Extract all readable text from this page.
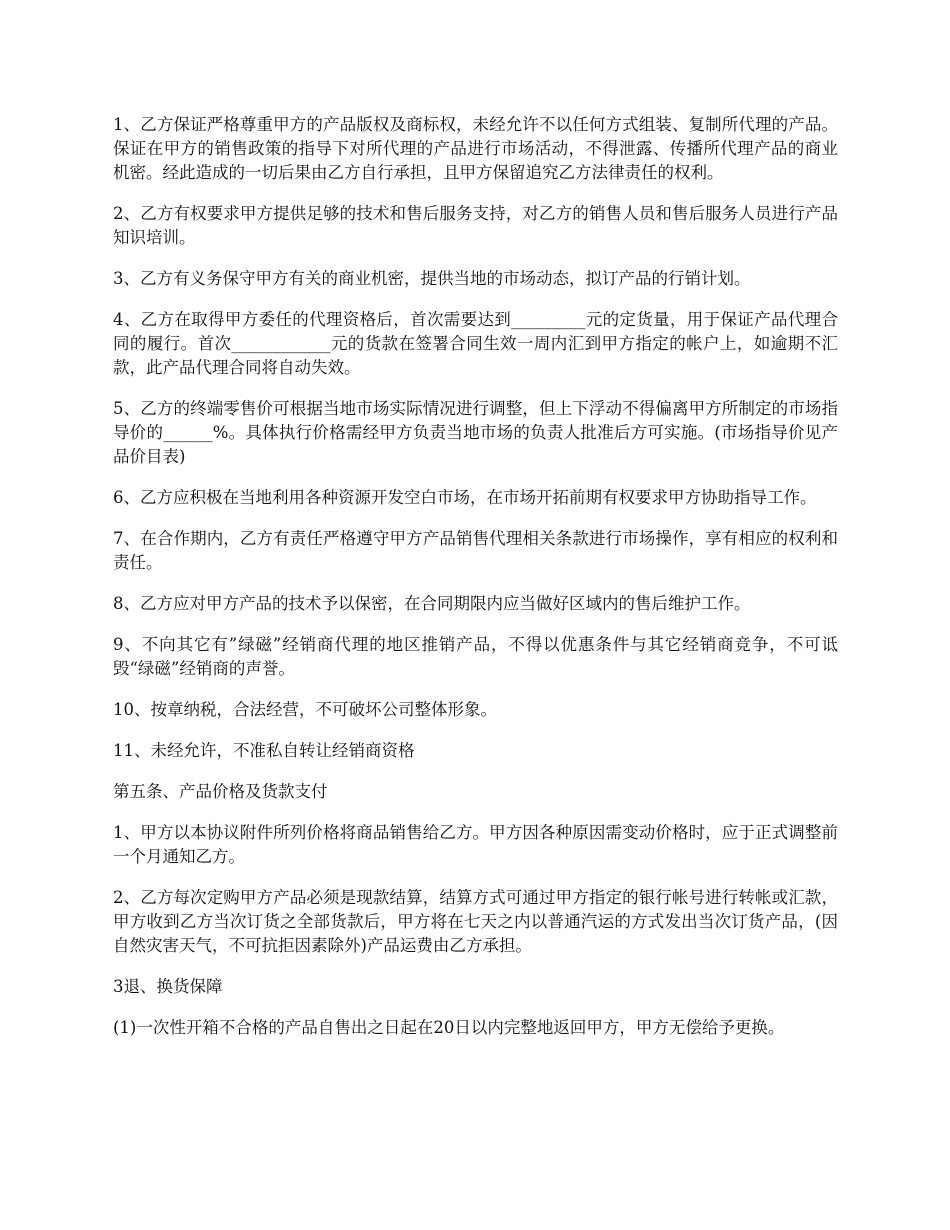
1、乙方保证严格尊重甲方的产品版权及商标权，未经允许不以任何方式组装、复制所代理的产品。保证在甲方的销售政策的指导下对所代理的产品进行市场活动，不得泄露、传播所代理产品的商业机密。经此造成的一切后果由乙方自行承担，且甲方保留追究乙方法律责任的权利。

2、乙方有权要求甲方提供足够的技术和售后服务支持，对乙方的销售人员和售后服务人员进行产品知识培训。

3、乙方有义务保守甲方有关的商业机密，提供当地的市场动态，拟订产品的行销计划。

4、乙方在取得甲方委任的代理资格后，首次需要达到_________元的定货量，用于保证产品代理合同的履行。首次____________元的货款在签署合同生效一周内汇到甲方指定的帐户上，如逾期不汇款，此产品代理合同将自动失效。

5、乙方的终端零售价可根据当地市场实际情况进行调整，但上下浮动不得偏离甲方所制定的市场指导价的______%。具体执行价格需经甲方负责当地市场的负责人批准后方可实施。(市场指导价见产品价目表)

6、乙方应积极在当地利用各种资源开发空白市场，在市场开拓前期有权要求甲方协助指导工作。

7、在合作期内，乙方有责任严格遵守甲方产品销售代理相关条款进行市场操作，享有相应的权利和责任。

8、乙方应对甲方产品的技术予以保密，在合同期限内应当做好区域内的售后维护工作。

9、不向其它有”绿磁”经销商代理的地区推销产品，不得以优惠条件与其它经销商竞争，不可诋毁“绿磁”经销商的声誉。

10、按章纳税，合法经营，不可破坏公司整体形象。

11、未经允许，不准私自转让经销商资格

第五条、产品价格及货款支付

1、甲方以本协议附件所列价格将商品销售给乙方。甲方因各种原因需变动价格时，应于正式调整前一个月通知乙方。

2、乙方每次定购甲方产品必须是现款结算，结算方式可通过甲方指定的银行帐号进行转帐或汇款，甲方收到乙方当次订货之全部货款后，甲方将在七天之内以普通汽运的方式发出当次订货产品，(因自然灾害天气，不可抗拒因素除外)产品运费由乙方承担。

3退、换货保障

(1)一次性开箱不合格的产品自售出之日起在20日以内完整地返回甲方，甲方无偿给予更换。
